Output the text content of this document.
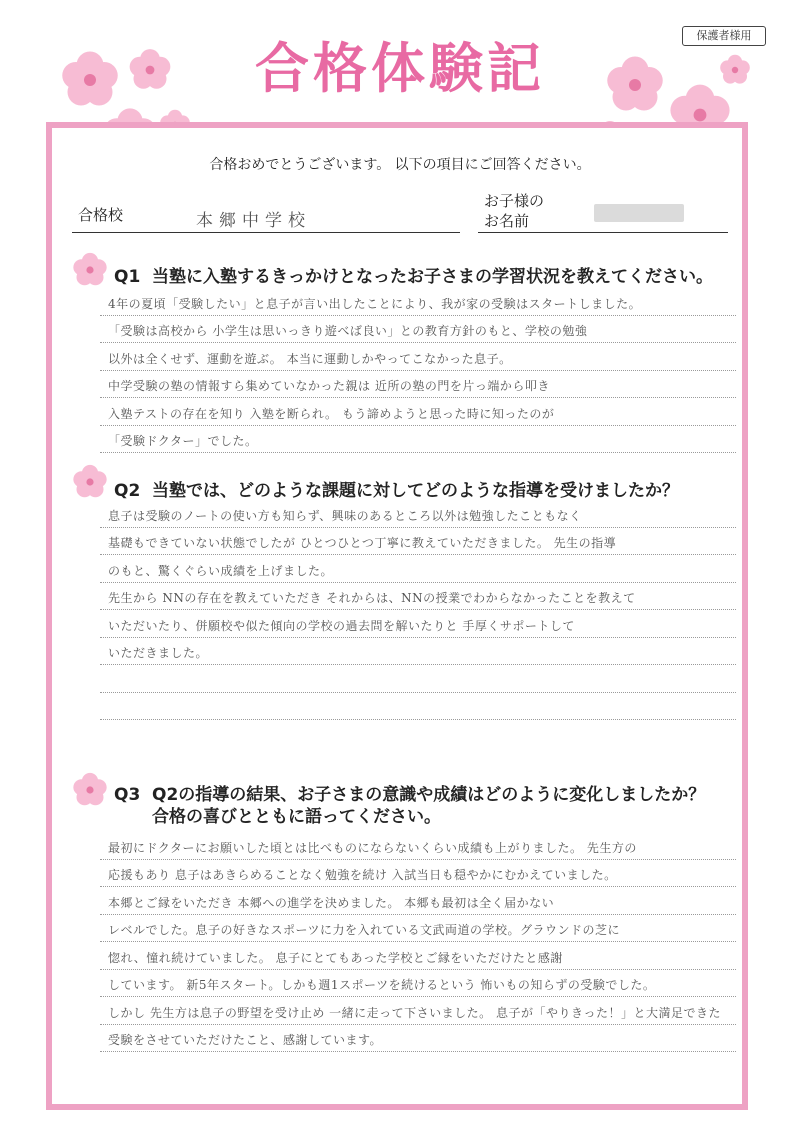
保護者様用
合格体験記
合格おめでとうございます。 以下の項目にご回答ください。
合格校	本郷中学校
お子様の
お名前
Q1 当塾に入塾するきっかけとなったお子さまの学習状況を教えてください。
4年の夏頃「受験したい」と息子が言い出したことにより、我が家の受験はスタートしました。
「受験は高校から 小学生は思いっきり遊べば良い」との教育方針のもと、学校の勉強
以外は全くせず、運動を遊ぶ。 本当に運動しかやってこなかった息子。
中学受験の塾の情報すら集めていなかった親は 近所の塾の門を片っ端から叩き
入塾テストの存在を知り 入塾を断られ。 もう諦めようと思った時に知ったのが
「受験ドクター」でした。
Q2 当塾では、どのような課題に対してどのような指導を受けましたか？
息子は受験のノートの使い方も知らず、興味のあるところ以外は勉強したこともなく
基礎もできていない状態でしたが ひとつひとつ丁寧に教えていただきました。 先生の指導
のもと、驚くぐらい成績を上げました。
先生から NNの存在を教えていただき それからは、NNの授業でわからなかったことを教えて
いただいたり、併願校や似た傾向の学校の過去問を解いたりと 手厚くサポートして
いただきました。
Q3 Q2の指導の結果、お子さまの意識や成績はどのように変化しましたか？
合格の喜びとともに語ってください。
最初にドクターにお願いした頃とは比べものにならないくらい成績も上がりました。 先生方の
応援もあり 息子はあきらめることなく勉強を続け 入試当日も穏やかにむかえていました。
本郷とご縁をいただき 本郷への進学を決めました。 本郷も最初は全く届かない
レベルでした。息子の好きなスポーツに力を入れている文武両道の学校。グラウンドの芝に
惚れ、憧れ続けていました。 息子にとてもあった学校とご縁をいただけたと感謝
しています。 新5年スタート。しかも週1スポーツを続けるという 怖いもの知らずの受験でした。
しかし 先生方は息子の野望を受け止め 一緒に走って下さいました。 息子が「やりきった！」と大満足できた
受験をさせていただけたこと、感謝しています。
